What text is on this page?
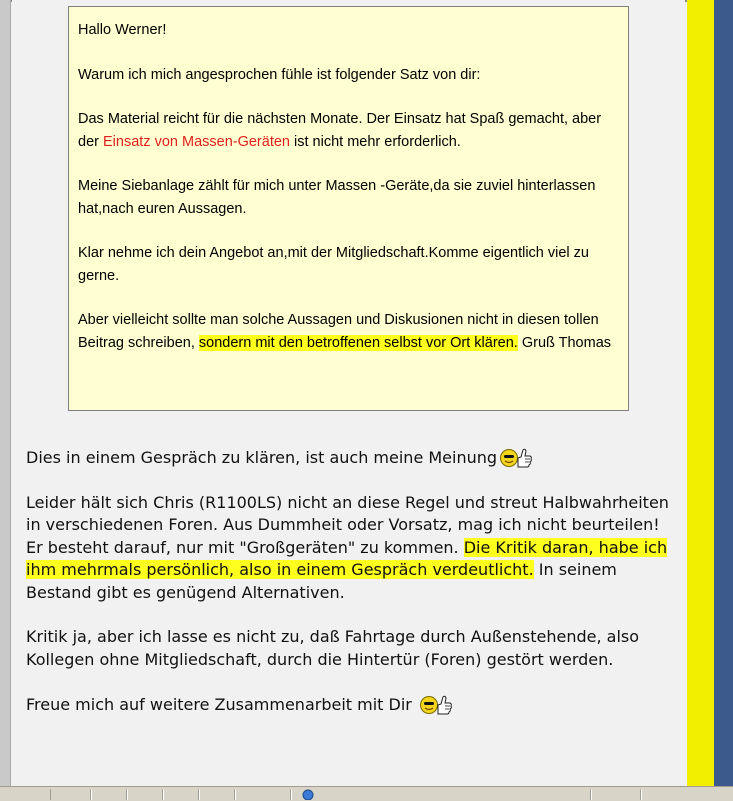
Hallo Werner!

Warum ich mich angesprochen fühle ist folgender Satz von dir:

Das Material reicht für die nächsten Monate. Der Einsatz hat Spaß gemacht, aber der Einsatz von Massen-Geräten ist nicht mehr erforderlich.

Meine Siebanlage zählt für mich unter Massen -Geräte,da sie zuviel hinterlassen hat,nach euren Aussagen.

Klar nehme ich dein Angebot an,mit der Mitgliedschaft.Komme eigentlich viel zu gerne.

Aber vielleicht sollte man solche Aussagen und Diskusionen nicht in diesen tollen Beitrag schreiben, sondern mit den betroffenen selbst vor Ort klären. Gruß Thomas

Dies in einem Gespräch zu klären, ist auch meine Meinung

Leider hält sich Chris (R1100LS) nicht an diese Regel und streut Halbwahrheiten in verschiedenen Foren. Aus Dummheit oder Vorsatz, mag ich nicht beurteilen! Er besteht darauf, nur mit "Großgeräten" zu kommen. Die Kritik daran, habe ich ihm mehrmals persönlich, also in einem Gespräch verdeutlicht. In seinem Bestand gibt es genügend Alternativen.

Kritik ja, aber ich lasse es nicht zu, daß Fahrtage durch Außenstehende, also Kollegen ohne Mitgliedschaft, durch die Hintertür (Foren) gestört werden.

Freue mich auf weitere Zusammenarbeit mit Dir
